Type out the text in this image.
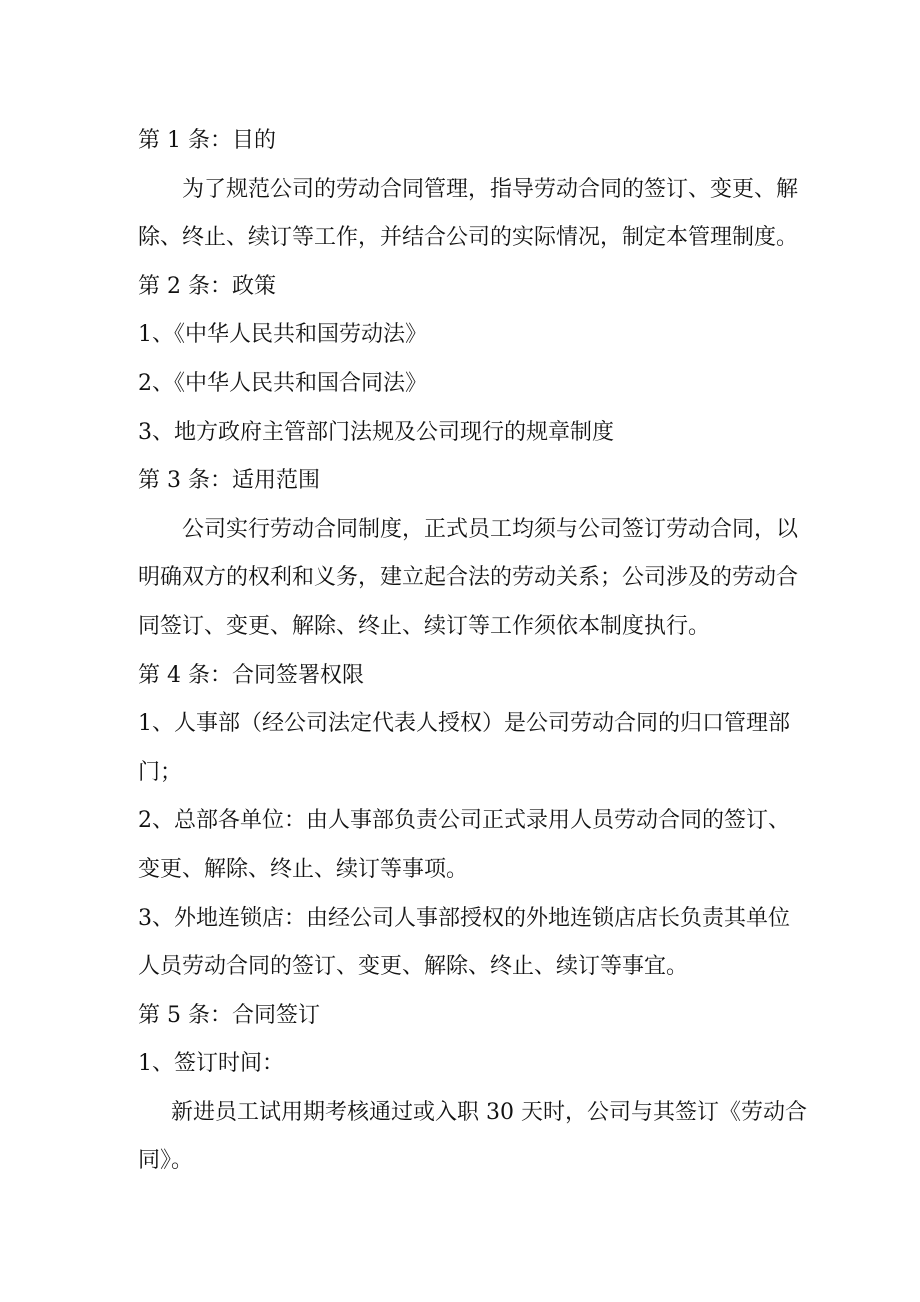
第 1 条：目的

为了规范公司的劳动合同管理，指导劳动合同的签订、变更、解

除、终止、续订等工作，并结合公司的实际情况，制定本管理制度。

第 2 条：政策

1、《中华人民共和国劳动法》

2、《中华人民共和国合同法》

3、地方政府主管部门法规及公司现行的规章制度

第 3 条：适用范围

公司实行劳动合同制度，正式员工均须与公司签订劳动合同，以

明确双方的权利和义务，建立起合法的劳动关系；公司涉及的劳动合

同签订、变更、解除、终止、续订等工作须依本制度执行。

第 4 条：合同签署权限

1、人事部（经公司法定代表人授权）是公司劳动合同的归口管理部

门；

2、总部各单位：由人事部负责公司正式录用人员劳动合同的签订、

变更、解除、终止、续订等事项。

3、外地连锁店：由经公司人事部授权的外地连锁店店长负责其单位

人员劳动合同的签订、变更、解除、终止、续订等事宜。

第 5 条：合同签订

1、签订时间：

新进员工试用期考核通过或入职 30 天时，公司与其签订《劳动合

同》。
